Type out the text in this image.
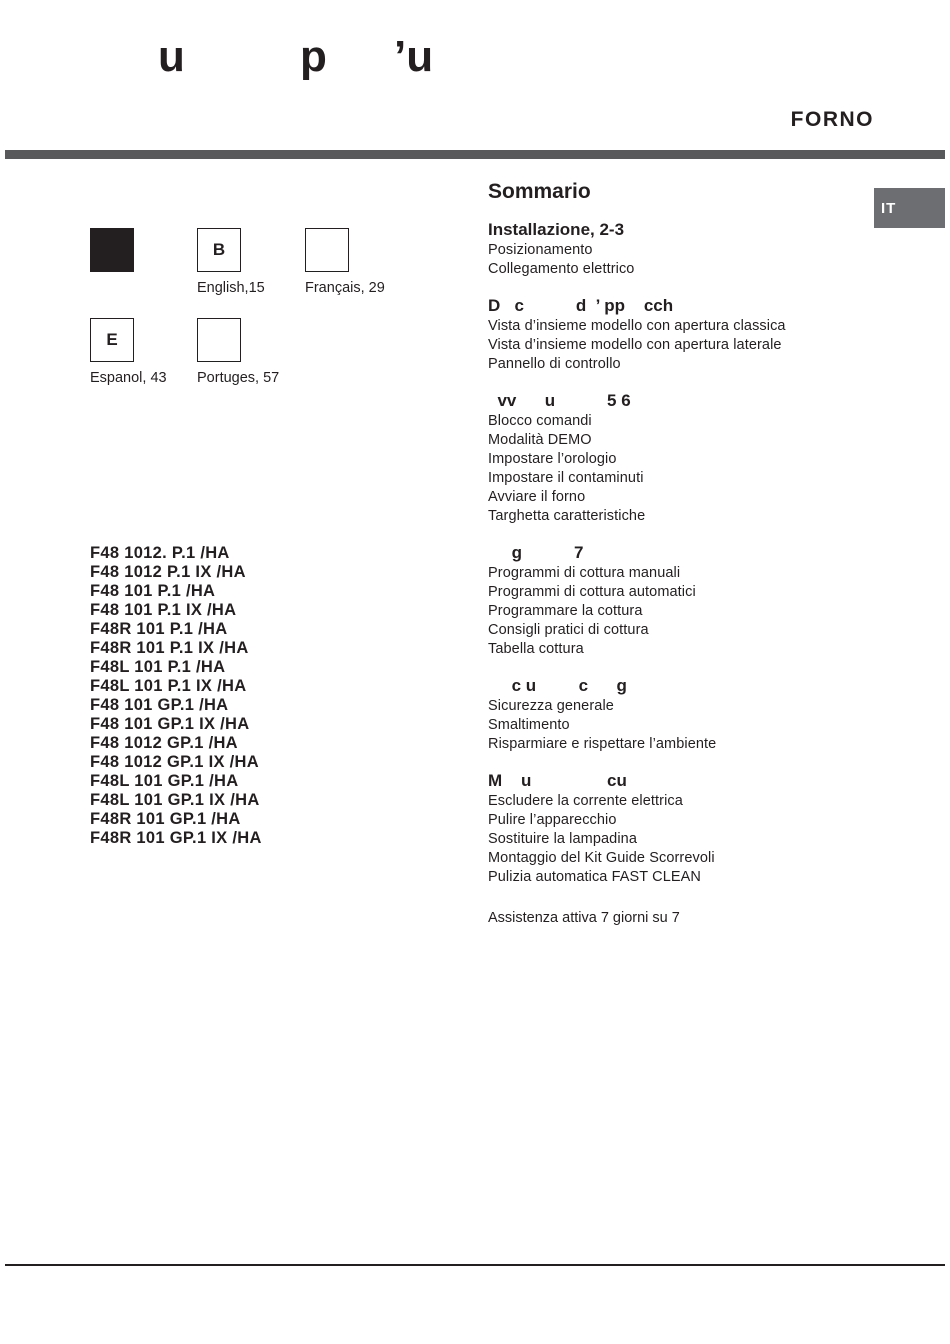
u

	p

’u

FORNO
IT
B
English,15	Français, 29
E
Espanol, 43	Portuges, 57
F48 1012. P.1 /HA
F48 1012 P.1 IX /HA
F48 101 P.1 /HA
F48 101 P.1 IX /HA
F48R 101 P.1 /HA
F48R 101 P.1 IX /HA
F48L 101 P.1 /HA
F48L 101 P.1 IX /HA
F48 101 GP.1 /HA
F48 101 GP.1 IX /HA
F48 1012 GP.1 /HA
F48 1012 GP.1 IX /HA
F48L 101 GP.1 /HA
F48L 101 GP.1 IX /HA
F48R 101 GP.1 /HA
F48R 101 GP.1 IX /HA
Sommario
Installazione, 2-3
Posizionamento
Collegamento elettrico
D   c           d  ’ pp    cch
Vista d’insieme modello con apertura classica
Vista d’insieme modello con apertura laterale
Pannello di controllo
vv      u           5 6
Blocco comandi
Modalità DEMO
Impostare l’orologio
Impostare il contaminuti
Avviare il forno
Targhetta caratteristiche
g           7
Programmi di cottura manuali
Programmi di cottura automatici
Programmare la cottura
Consigli pratici di cottura
Tabella cottura
c u         c      g
Sicurezza generale
Smaltimento
Risparmiare e rispettare l’ambiente
M    u                cu
Escludere la corrente elettrica
Pulire l’apparecchio
Sostituire la lampadina
Montaggio del Kit Guide Scorrevoli
Pulizia automatica FAST CLEAN
Assistenza attiva 7 giorni su 7
